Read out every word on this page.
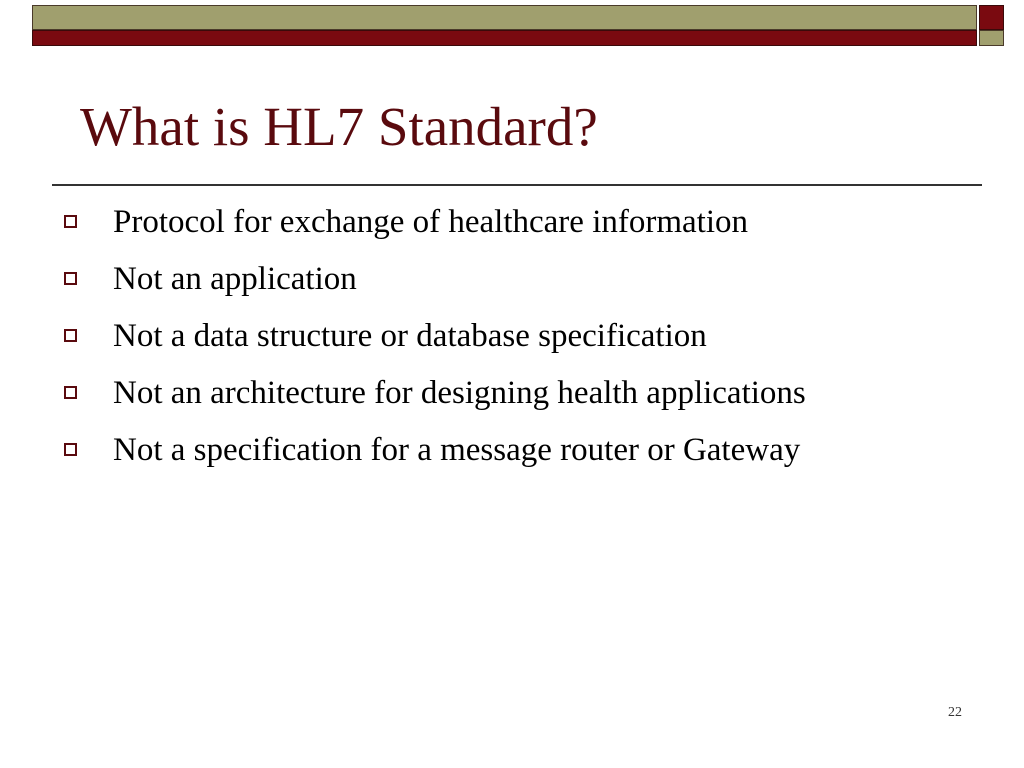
What is HL7 Standard?
Protocol for exchange of healthcare information
Not an application
Not a data structure or database specification
Not an architecture for designing health applications
Not a specification for a message router or Gateway
22
